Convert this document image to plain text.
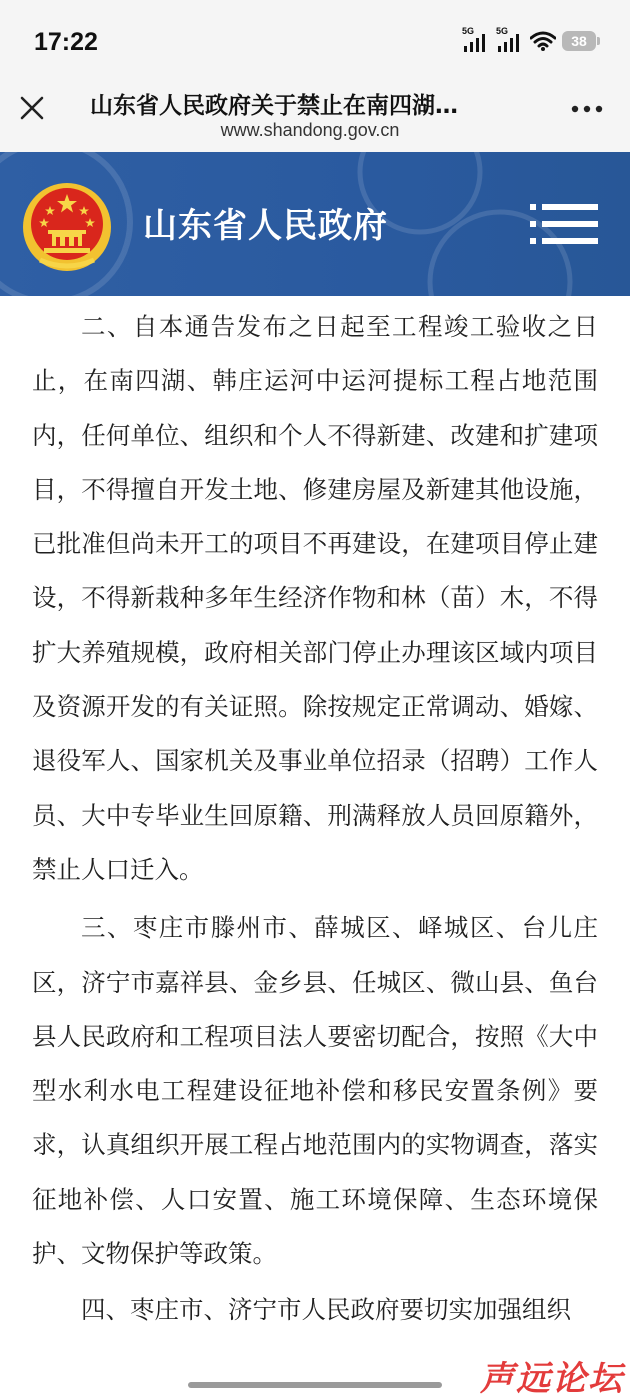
17:22	5G 5G
38
山东省人民政府关于禁止在南四湖…
www.shandong.gov.cn
山东省人民政府

二、自本通告发布之日起至工程竣工验收之日止，在南四湖、韩庄运河中运河提标工程占地范围内，任何单位、组织和个人不得新建、改建和扩建项目，不得擅自开发土地、修建房屋及新建其他设施，已批准但尚未开工的项目不再建设，在建项目停止建设，不得新栽种多年生经济作物和林（苗）木，不得扩大养殖规模，政府相关部门停止办理该区域内项目及资源开发的有关证照。除按规定正常调动、婚嫁、退役军人、国家机关及事业单位招录（招聘）工作人员、大中专毕业生回原籍、刑满释放人员回原籍外，禁止人口迁入。

三、枣庄市滕州市、薛城区、峄城区、台儿庄区，济宁市嘉祥县、金乡县、任城区、微山县、鱼台县人民政府和工程项目法人要密切配合，按照《大中型水利水电工程建设征地补偿和移民安置条例》要求，认真组织开展工程占地范围内的实物调查，落实征地补偿、人口安置、施工环境保障、生态环境保护、文物保护等政策。

四、枣庄市、济宁市人民政府要切实加强组织

声远论坛
